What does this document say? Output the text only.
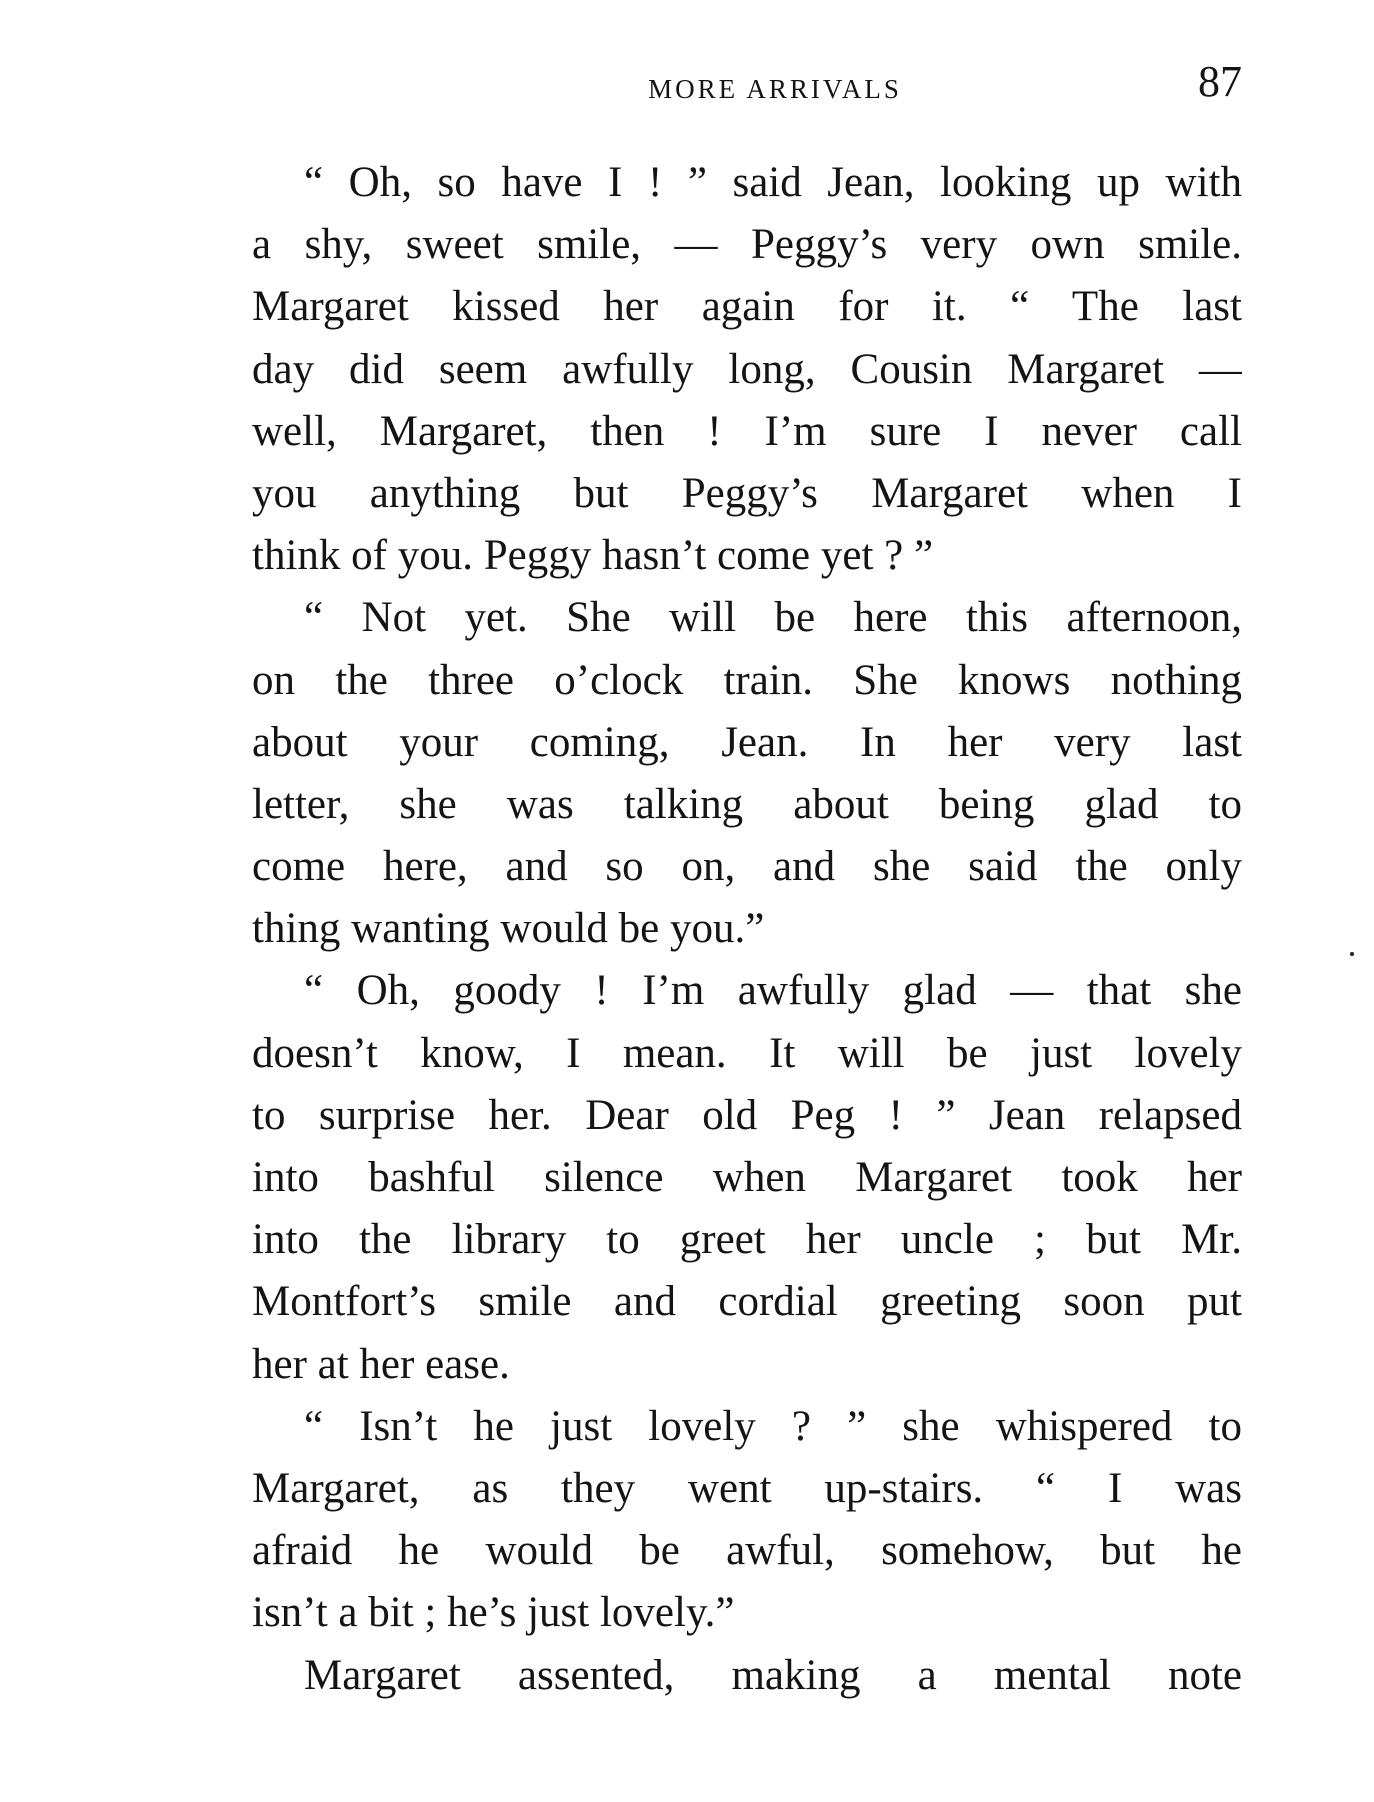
MORE ARRIVALS	87
“ Oh, so have I ! ” said Jean, looking up with
a shy, sweet smile, — Peggy’s very own smile.
Margaret kissed her again for it. “ The last
day did seem awfully long, Cousin Margaret —
well, Margaret, then ! I’m sure I never call
you anything but Peggy’s Margaret when I
think of you. Peggy hasn’t come yet ? ”
“ Not yet. She will be here this afternoon,
on the three o’clock train. She knows nothing
about your coming, Jean. In her very last
letter, she was talking about being glad to
come here, and so on, and she said the only
thing wanting would be you.”
“ Oh, goody ! I’m awfully glad — that she
doesn’t know, I mean. It will be just lovely
to surprise her. Dear old Peg ! ” Jean relapsed
into bashful silence when Margaret took her
into the library to greet her uncle ; but Mr.
Montfort’s smile and cordial greeting soon put
her at her ease.
“ Isn’t he just lovely ? ” she whispered to
Margaret, as they went up-stairs. “ I was
afraid he would be awful, somehow, but he
isn’t a bit ; he’s just lovely.”
Margaret assented, making a mental note
